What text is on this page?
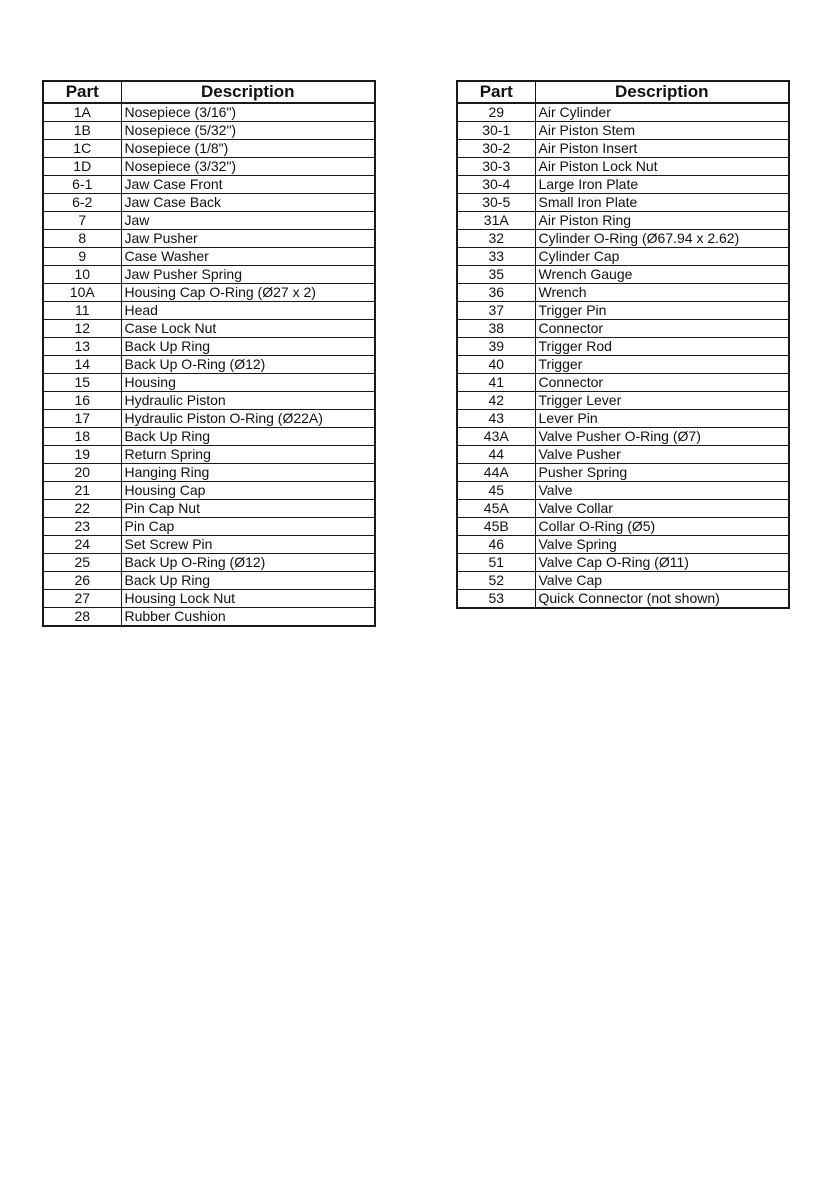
Part	Description
1A	Nosepiece (3/16")
1B	Nosepiece (5/32")
1C	Nosepiece (1/8")
1D	Nosepiece (3/32")
6-1	Jaw Case Front
6-2	Jaw Case Back
7	Jaw
8	Jaw Pusher
9	Case Washer
10	Jaw Pusher Spring
10A	Housing Cap O-Ring (Ø27 x 2)
11	Head
12	Case Lock Nut
13	Back Up Ring
14	Back Up O-Ring (Ø12)
15	Housing
16	Hydraulic Piston
17	Hydraulic Piston O-Ring (Ø22A)
18	Back Up Ring
19	Return Spring
20	Hanging Ring
21	Housing Cap
22	Pin Cap Nut
23	Pin Cap
24	Set Screw Pin
25	Back Up O-Ring (Ø12)
26	Back Up Ring
27	Housing Lock Nut
28	Rubber Cushion
Part	Description
29	Air Cylinder
30-1	Air Piston Stem
30-2	Air Piston Insert
30-3	Air Piston Lock Nut
30-4	Large Iron Plate
30-5	Small Iron Plate
31A	Air Piston Ring
32	Cylinder O-Ring (Ø67.94 x 2.62)
33	Cylinder Cap
35	Wrench Gauge
36	Wrench
37	Trigger Pin
38	Connector
39	Trigger Rod
40	Trigger
41	Connector
42	Trigger Lever
43	Lever Pin
43A	Valve Pusher O-Ring (Ø7)
44	Valve Pusher
44A	Pusher Spring
45	Valve
45A	Valve Collar
45B	Collar O-Ring (Ø5)
46	Valve Spring
51	Valve Cap O-Ring (Ø11)
52	Valve Cap
53	Quick Connector (not shown)
